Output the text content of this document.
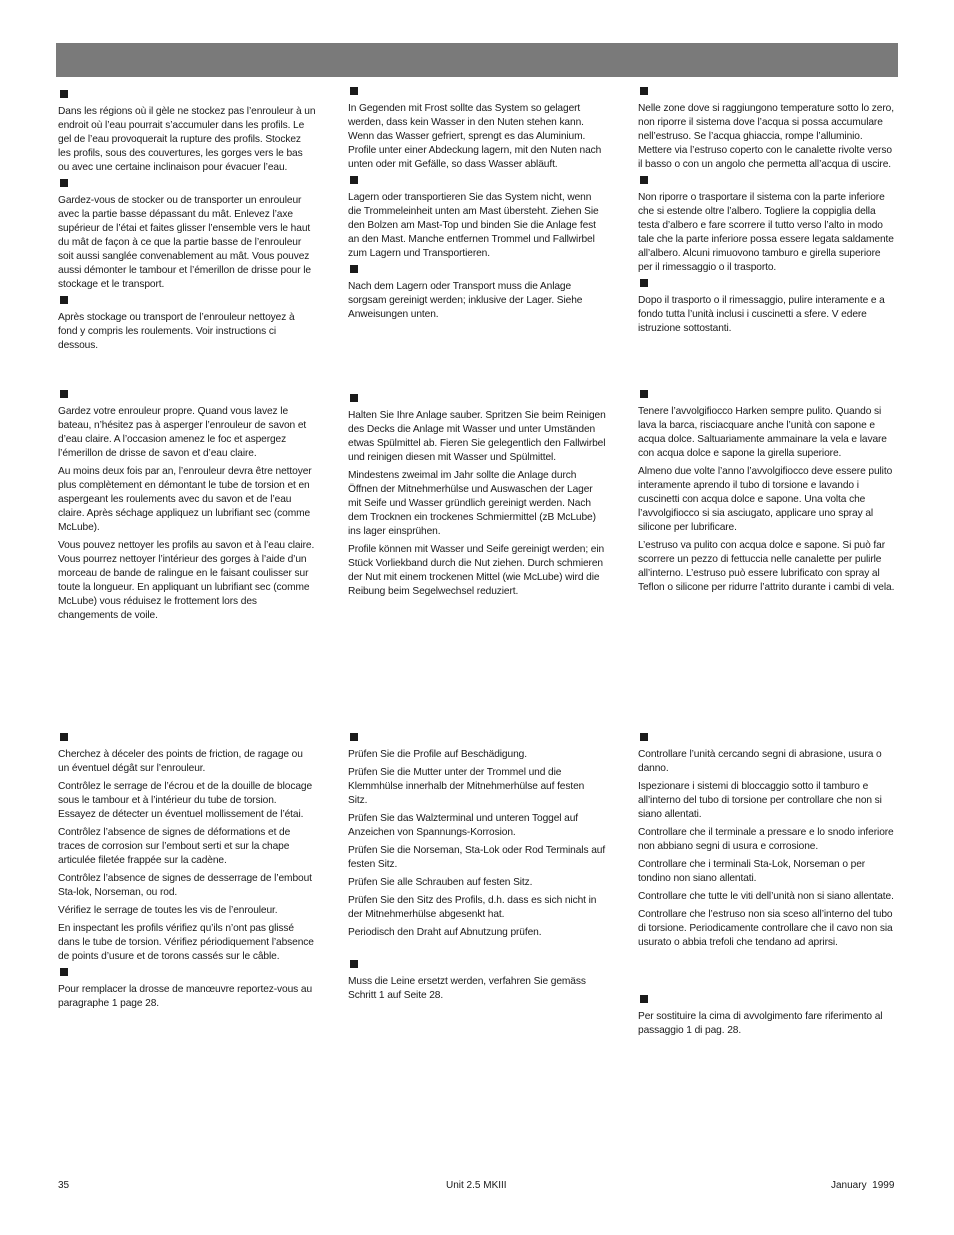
Dans les régions où il gèle ne stockez pas l’enrouleur à un endroit où l’eau pourrait s’accumuler dans les profils. Le gel de l’eau provoquerait la rupture des profils. Stockez les profils, sous des couvertures, les gorges vers le bas ou avec une certaine inclinaison pour évacuer l’eau.

Gardez-vous de stocker ou de transporter un enrouleur avec la partie basse dépassant du mât. Enlevez l’axe supérieur de l’étai et faites glisser l’ensemble vers le haut du mât de façon à ce que la partie basse de l’enrouleur soit aussi sanglée convenablement au mât. Vous pouvez aussi démonter le tambour et l’émerillon de drisse pour le stockage et le transport.

Après stockage ou transport de l’enrouleur nettoyez à fond y compris les roulements. Voir instructions ci dessous.

Gardez votre enrouleur propre. Quand vous lavez le bateau, n’hésitez pas à asperger l’enrouleur de savon et d’eau claire. A l’occasion amenez le foc et aspergez l’émerillon de drisse de savon et d’eau claire.

Au moins deux fois par an, l’enrouleur devra être nettoyer plus complètement en démontant le tube de torsion et en aspergeant les roulements avec du savon et de l’eau claire. Après séchage appliquez un lubrifiant sec (comme McLube).

Vous pouvez nettoyer les profils au savon et à l’eau claire. Vous pourrez nettoyer l’intérieur des gorges à l’aide d’un morceau de bande de ralingue en le faisant coulisser sur toute la longueur. En appliquant un lubrifiant sec (comme McLube) vous réduisez le frottement lors des changements de voile.

Cherchez à déceler des points de friction, de ragage ou un éventuel dégât sur l’enrouleur.

Contrôlez le serrage de l’écrou et de la douille de blocage sous le tambour et à l’intérieur du tube de torsion. Essayez de détecter un éventuel mollissement de l’étai.

Contrôlez l’absence de signes de déformations et de traces de corrosion sur l’embout serti et sur la chape articulée filetée frappée sur la cadène.

Contrôlez l’absence de signes de desserrage de l’embout Sta-lok, Norseman, ou rod.

Vérifiez le serrage de toutes les vis de l’enrouleur.

En inspectant les profils vérifiez qu’ils n’ont pas glissé dans le tube de torsion. Vérifiez périodiquement l’absence de points d’usure et de torons cassés sur le câble.

Pour remplacer la drosse de manœuvre reportez-vous au paragraphe 1 page 28.

In Gegenden mit Frost sollte das System so gelagert werden, dass kein Wasser in den Nuten stehen kann. Wenn das Wasser gefriert, sprengt es das Aluminium. Profile unter einer Abdeckung lagern, mit den Nuten nach unten oder mit Gefälle, so dass Wasser abläuft.

Lagern oder transportieren Sie das System nicht, wenn die Trommeleinheit unten am Mast übersteht. Ziehen Sie den Bolzen am Mast-Top und binden Sie die Anlage fest an den Mast. Manche entfernen Trommel und Fallwirbel zum Lagern und Transportieren.

Nach dem Lagern oder Transport muss die Anlage sorgsam gereinigt werden; inklusive der Lager. Siehe Anweisungen unten.

Halten Sie Ihre Anlage sauber. Spritzen Sie beim Reinigen des Decks die Anlage mit Wasser und unter Umständen etwas Spülmittel ab. Fieren Sie gelegentlich den Fallwirbel und reinigen diesen mit Wasser und Spülmittel.

Mindestens zweimal im Jahr sollte die Anlage durch Öffnen der Mitnehmerhülse und Auswaschen der Lager mit Seife und Wasser gründlich gereinigt werden. Nach dem Trocknen ein trockenes Schmiermittel (zB McLube) ins lager einsprühen.

Profile können mit Wasser und Seife gereinigt werden; ein Stück Vorliekband durch die Nut ziehen. Durch schmieren der Nut mit einem trockenen Mittel (wie McLube) wird die Reibung beim Segelwechsel reduziert.

Prüfen Sie die Profile auf Beschädigung.

Prüfen Sie die Mutter unter der Trommel und die Klemmhülse innerhalb der Mitnehmerhülse auf festen Sitz.

Prüfen Sie das Walzterminal und unteren Toggel auf Anzeichen von Spannungs-Korrosion.

Prüfen Sie die Norseman, Sta-Lok oder Rod Terminals auf festen Sitz.

Prüfen Sie alle Schrauben auf festen Sitz.

Prüfen Sie den Sitz des Profils, d.h. dass es sich nicht in der Mitnehmerhülse abgesenkt hat.

Periodisch den Draht auf Abnutzung prüfen.

Muss die Leine ersetzt werden, verfahren Sie gemäss Schritt 1 auf Seite 28.

Nelle zone dove si raggiungono temperature sotto lo zero, non riporre il sistema dove l’acqua si possa accumulare nell’estruso. Se l’acqua ghiaccia, rompe l’alluminio. Mettere via l’estruso coperto con le canalette rivolte verso il basso o con un angolo che permetta all’acqua di uscire.

Non riporre o trasportare il sistema con la parte inferiore che si estende oltre l’albero. Togliere la coppiglia della testa d’albero e fare scorrere il tutto verso l’alto in modo tale che la parte inferiore possa essere legata saldamente all’albero. Alcuni rimuovono tamburo e girella superiore per il rimessaggio o il trasporto.

Dopo il trasporto o il rimessaggio, pulire interamente e a fondo tutta l’unità inclusi i cuscinetti a sfere. V edere istruzione sottostanti.

Tenere l’avvolgifiocco Harken sempre pulito. Quando si lava la barca, risciacquare anche l’unità con sapone e acqua dolce. Saltuariamente ammainare la vela e lavare con acqua dolce e sapone la girella superiore.

Almeno due volte l’anno l’avvolgifiocco deve essere pulito interamente aprendo il tubo di torsione e lavando i cuscinetti con acqua dolce e sapone. Una volta che l’avvolgifiocco si sia asciugato, applicare uno spray al silicone per lubrificare.

L’estruso va pulito con acqua dolce e sapone. Si può far scorrere un pezzo di fettuccia nelle canalette per pulirle all’interno. L’estruso può essere lubrificato con spray al Teflon o silicone per ridurre l’attrito durante i cambi di vela.

Controllare l’unità cercando segni di abrasione, usura o danno.

Ispezionare i sistemi di bloccaggio sotto il tamburo e all’interno del tubo di torsione per controllare che non si siano allentati.

Controllare che il terminale a pressare e lo snodo inferiore non abbiano segni di usura e corrosione.

Controllare che i terminali Sta-Lok, Norseman o per tondino non siano allentati.

Controllare che tutte le viti dell’unità non si siano allentate.

Controllare che l’estruso non sia sceso all’interno del tubo di torsione. Periodicamente controllare che il cavo non sia usurato o abbia trefoli che tendano ad aprirsi.

Per sostituire la cima di avvolgimento fare riferimento al passaggio 1 di pag. 28.

35	Unit 2.5 MKIII	January  1999
